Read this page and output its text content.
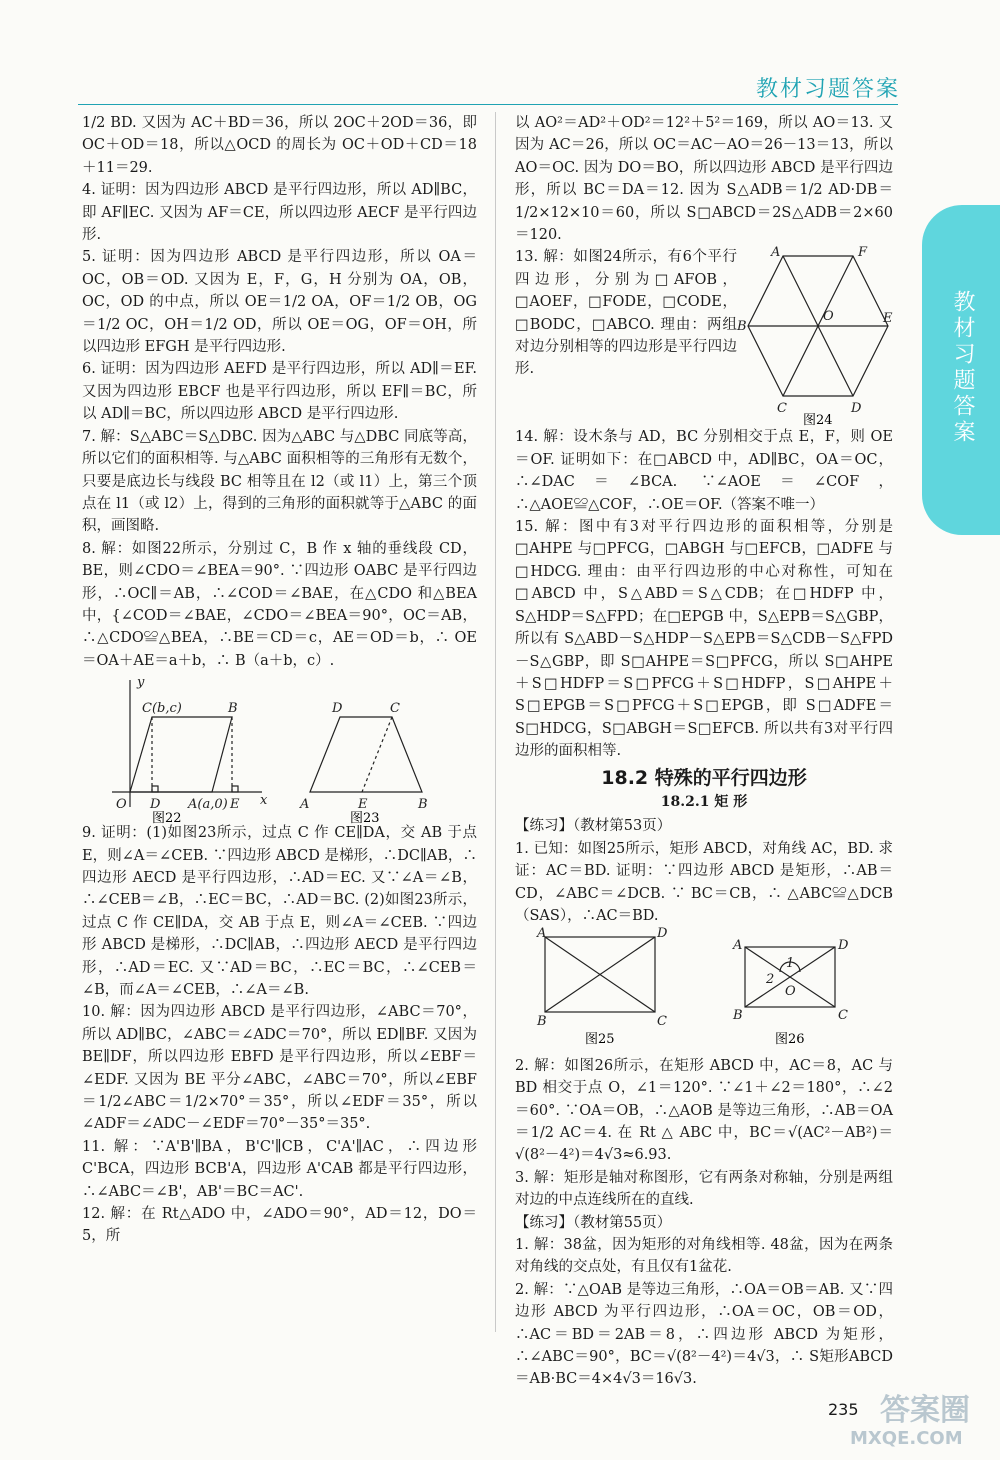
教材习题答案
教材习题答案

1/2 BD. 又因为 AC＋BD＝36，所以 2OC＋2OD＝36，即 OC＋OD＝18，所以△OCD 的周长为 OC＋OD＋CD＝18＋11＝29.

4. 证明：因为四边形 ABCD 是平行四边形，所以 AD∥BC，即 AF∥EC. 又因为 AF＝CE，所以四边形 AECF 是平行四边形.

5. 证明：因为四边形 ABCD 是平行四边形，所以 OA＝OC，OB＝OD. 又因为 E，F，G，H 分别为 OA，OB，OC，OD 的中点，所以 OE＝1/2 OA，OF＝1/2 OB，OG＝1/2 OC，OH＝1/2 OD，所以 OE＝OG，OF＝OH，所以四边形 EFGH 是平行四边形.

6. 证明：因为四边形 AEFD 是平行四边形，所以 AD∥＝EF. 又因为四边形 EBCF 也是平行四边形，所以 EF∥＝BC，所以 AD∥＝BC，所以四边形 ABCD 是平行四边形.

7. 解：S△ABC＝S△DBC. 因为△ABC 与△DBC 同底等高，所以它们的面积相等. 与△ABC 面积相等的三角形有无数个，只要是底边长与线段 BC 相等且在 l2（或 l1）上，第三个顶点在 l1（或 l2）上，得到的三角形的面积就等于△ABC 的面积，画图略.

8. 解：如图22所示，分别过 C，B 作 x 轴的垂线段 CD，BE，则∠CDO＝∠BEA＝90°. ∵四边形 OABC 是平行四边形，∴OC∥＝AB，∴∠COD＝∠BAE，在△CDO 和△BEA 中，{∠COD＝∠BAE，∠CDO＝∠BEA＝90°，OC＝AB，∴△CDO≌△BEA，∴BE＝CD＝c，AE＝OD＝b，∴ OE＝OA＋AE＝a＋b，∴ B（a＋b，c）.

y
C(b,c)	B
O D A(a,0) E x
图22
D	C
A	E	B
图23

9. 证明：(1)如图23所示，过点 C 作 CE∥DA，交 AB 于点 E，则∠A＝∠CEB. ∵四边形 ABCD 是梯形，∴DC∥AB，∴四边形 AECD 是平行四边形，∴AD＝EC. 又∵∠A＝∠B，∴∠CEB＝∠B，∴EC＝BC，∴AD＝BC. (2)如图23所示，过点 C 作 CE∥DA，交 AB 于点 E，则∠A＝∠CEB. ∵四边形 ABCD 是梯形，∴DC∥AB，∴四边形 AECD 是平行四边形，∴AD＝EC. 又∵AD＝BC，∴EC＝BC，∴∠CEB＝∠B，而∠A＝∠CEB，∴∠A＝∠B.

10. 解：因为四边形 ABCD 是平行四边形，∠ABC＝70°，所以 AD∥BC，∠ABC＝∠ADC＝70°，所以 ED∥BF. 又因为 BE∥DF，所以四边形 EBFD 是平行四边形，所以∠EBF＝∠EDF. 又因为 BE 平分∠ABC，∠ABC＝70°，所以∠EBF＝1/2∠ABC＝1/2×70°＝35°，所以∠EDF＝35°，所以∠ADF＝∠ADC－∠EDF＝70°－35°＝35°.

11. 解：∵A'B'∥BA，B'C'∥CB，C'A'∥AC，∴四边形 C'BCA，四边形 BCB'A，四边形 A'CAB 都是平行四边形，∴∠ABC＝∠B'，AB'＝BC＝AC'.

12. 解：在 Rt△ADO 中，∠ADO＝90°，AD＝12，DO＝5，所

以 AO²＝AD²＋OD²＝12²＋5²＝169，所以 AO＝13. 又因为 AC＝26，所以 OC＝AC－AO＝26－13＝13，所以 AO＝OC. 因为 DO＝BO，所以四边形 ABCD 是平行四边形，所以 BC＝DA＝12. 因为 S△ADB＝1/2 AD·DB＝1/2×12×10＝60，所以 S□ABCD＝2S△ADB＝2×60＝120.

13. 解：如图24所示，有6个平行四边形，分别为□AFOB，□AOEF，□FODE，□CODE，□BODC，□ABCO. 理由：两组对边分别相等的四边形是平行四边形.

A	F
B
O	E
C	D
图24

14. 解：设木条与 AD，BC 分别相交于点 E，F，则 OE＝OF. 证明如下：在□ABCD 中，AD∥BC，OA＝OC，∴∠DAC＝∠BCA. ∵∠AOE＝∠COF，∴△AOE≌△COF，∴OE＝OF.（答案不唯一）

15. 解：图中有3对平行四边形的面积相等，分别是□AHPE 与□PFCG，□ABGH 与□EFCB，□ADFE 与□HDCG. 理由：由平行四边形的中心对称性，可知在□ABCD 中，S△ABD＝S△CDB；在□HDFP 中，S△HDP＝S△FPD；在□EPGB 中，S△EPB＝S△GBP，所以有 S△ABD－S△HDP－S△EPB＝S△CDB－S△FPD－S△GBP，即 S□AHPE＝S□PFCG，所以 S□AHPE＋S□HDFP＝S□PFCG＋S□HDFP，S□AHPE＋S□EPGB＝S□PFCG＋S□EPGB，即 S□ADFE＝S□HDCG，S□ABGH＝S□EFCB. 所以共有3对平行四边形的面积相等.

18.2 特殊的平行四边形
18.2.1 矩 形

【练习】（教材第53页）

1. 已知：如图25所示，矩形 ABCD，对角线 AC，BD. 求证：AC＝BD. 证明：∵四边形 ABCD 是矩形，∴AB＝CD，∠ABC＝∠DCB. ∵ BC＝CB，∴ △ABC≌△DCB（SAS），∴AC＝BD.

A	D
B	C
图25
A	D
1
2
O
B	C
图26

2. 解：如图26所示，在矩形 ABCD 中，AC＝8，AC 与 BD 相交于点 O，∠1＝120°. ∵∠1＋∠2＝180°，∴∠2＝60°. ∵OA＝OB，∴△AOB 是等边三角形，∴AB＝OA＝1/2 AC＝4. 在 Rt △ ABC 中，BC＝√(AC²－AB²)＝√(8²－4²)＝4√3≈6.93.

3. 解：矩形是轴对称图形，它有两条对称轴，分别是两组对边的中点连线所在的直线.

【练习】（教材第55页）

1. 解：38盆，因为矩形的对角线相等. 48盆，因为在两条对角线的交点处，有且仅有1盆花.

2. 解：∵△OAB 是等边三角形，∴OA＝OB＝AB. 又∵四边形 ABCD 为平行四边形，∴OA＝OC，OB＝OD，∴AC＝BD＝2AB＝8，∴四边形 ABCD 为矩形，∴∠ABC＝90°，BC＝√(8²－4²)＝4√3，∴ S矩形ABCD＝AB·BC＝4×4√3＝16√3.

235 答案圈
MXQE.COM
